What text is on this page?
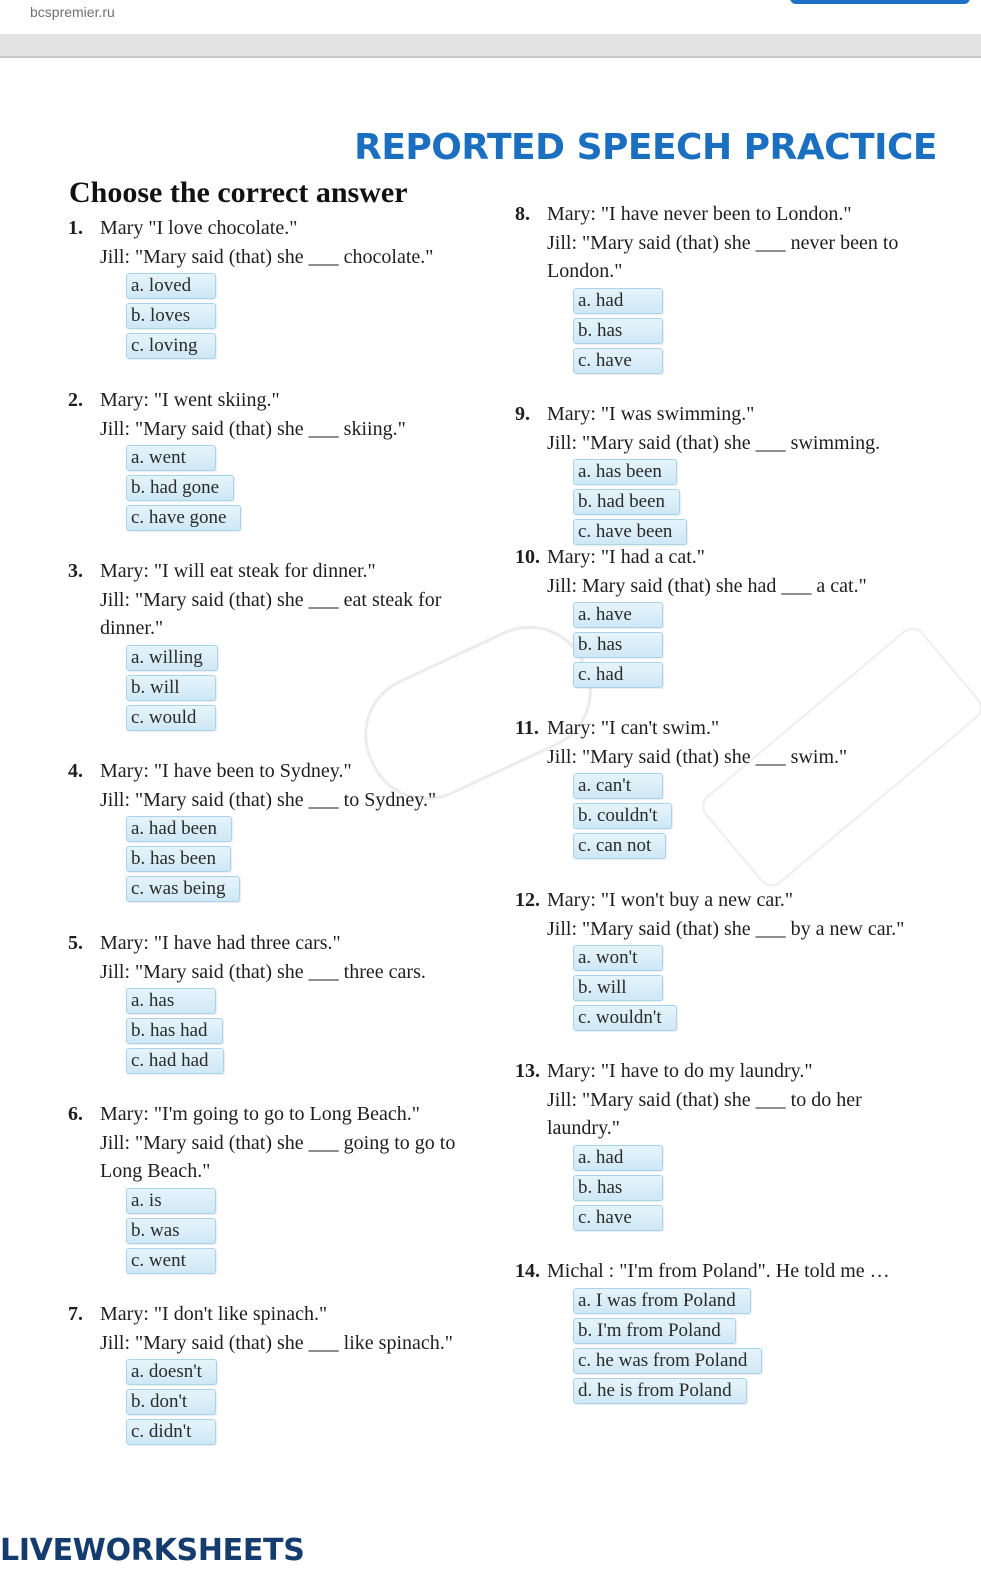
bcspremier.ru
REPORTED SPEECH PRACTICE
Choose the correct answer
1. Mary "I love chocolate."
Jill: "Mary said (that) she ___ chocolate."
a. loved
b. loves
c. loving
2. Mary: "I went skiing."
Jill: "Mary said (that) she ___ skiing."
a. went
b. had gone
c. have gone
3. Mary: "I will eat steak for dinner."
Jill: "Mary said (that) she ___ eat steak for
dinner."
a. willing
b. will
c. would
4. Mary: "I have been to Sydney."
Jill: "Mary said (that) she ___ to Sydney."
a. had been
b. has been
c. was being
5. Mary: "I have had three cars."
Jill: "Mary said (that) she ___ three cars.
a. has
b. has had
c. had had
6. Mary: "I'm going to go to Long Beach."
Jill: "Mary said (that) she ___ going to go to
Long Beach."
a. is
b. was
c. went
7. Mary: "I don't like spinach."
Jill: "Mary said (that) she ___ like spinach."
a. doesn't
b. don't
c. didn't
8. Mary: "I have never been to London."
Jill: "Mary said (that) she ___ never been to
London."
a. had
b. has
c. have
9. Mary: "I was swimming."
Jill: "Mary said (that) she ___ swimming.
a. has been
b. had been
c. have been
10. Mary: "I had a cat."
Jill: Mary said (that) she had ___ a cat."
a. have
b. has
c. had
11. Mary: "I can't swim."
Jill: "Mary said (that) she ___ swim."
a. can't
b. couldn't
c. can not
12. Mary: "I won't buy a new car."
Jill: "Mary said (that) she ___ by a new car."
a. won't
b. will
c. wouldn't
13. Mary: "I have to do my laundry."
Jill: "Mary said (that) she ___ to do her
laundry."
a. had
b. has
c. have
14. Michal : "I'm from Poland". He told me …
a. I was from Poland
b. I'm from Poland
c. he was from Poland
d. he is from Poland
LIVEWORKSHEETS
